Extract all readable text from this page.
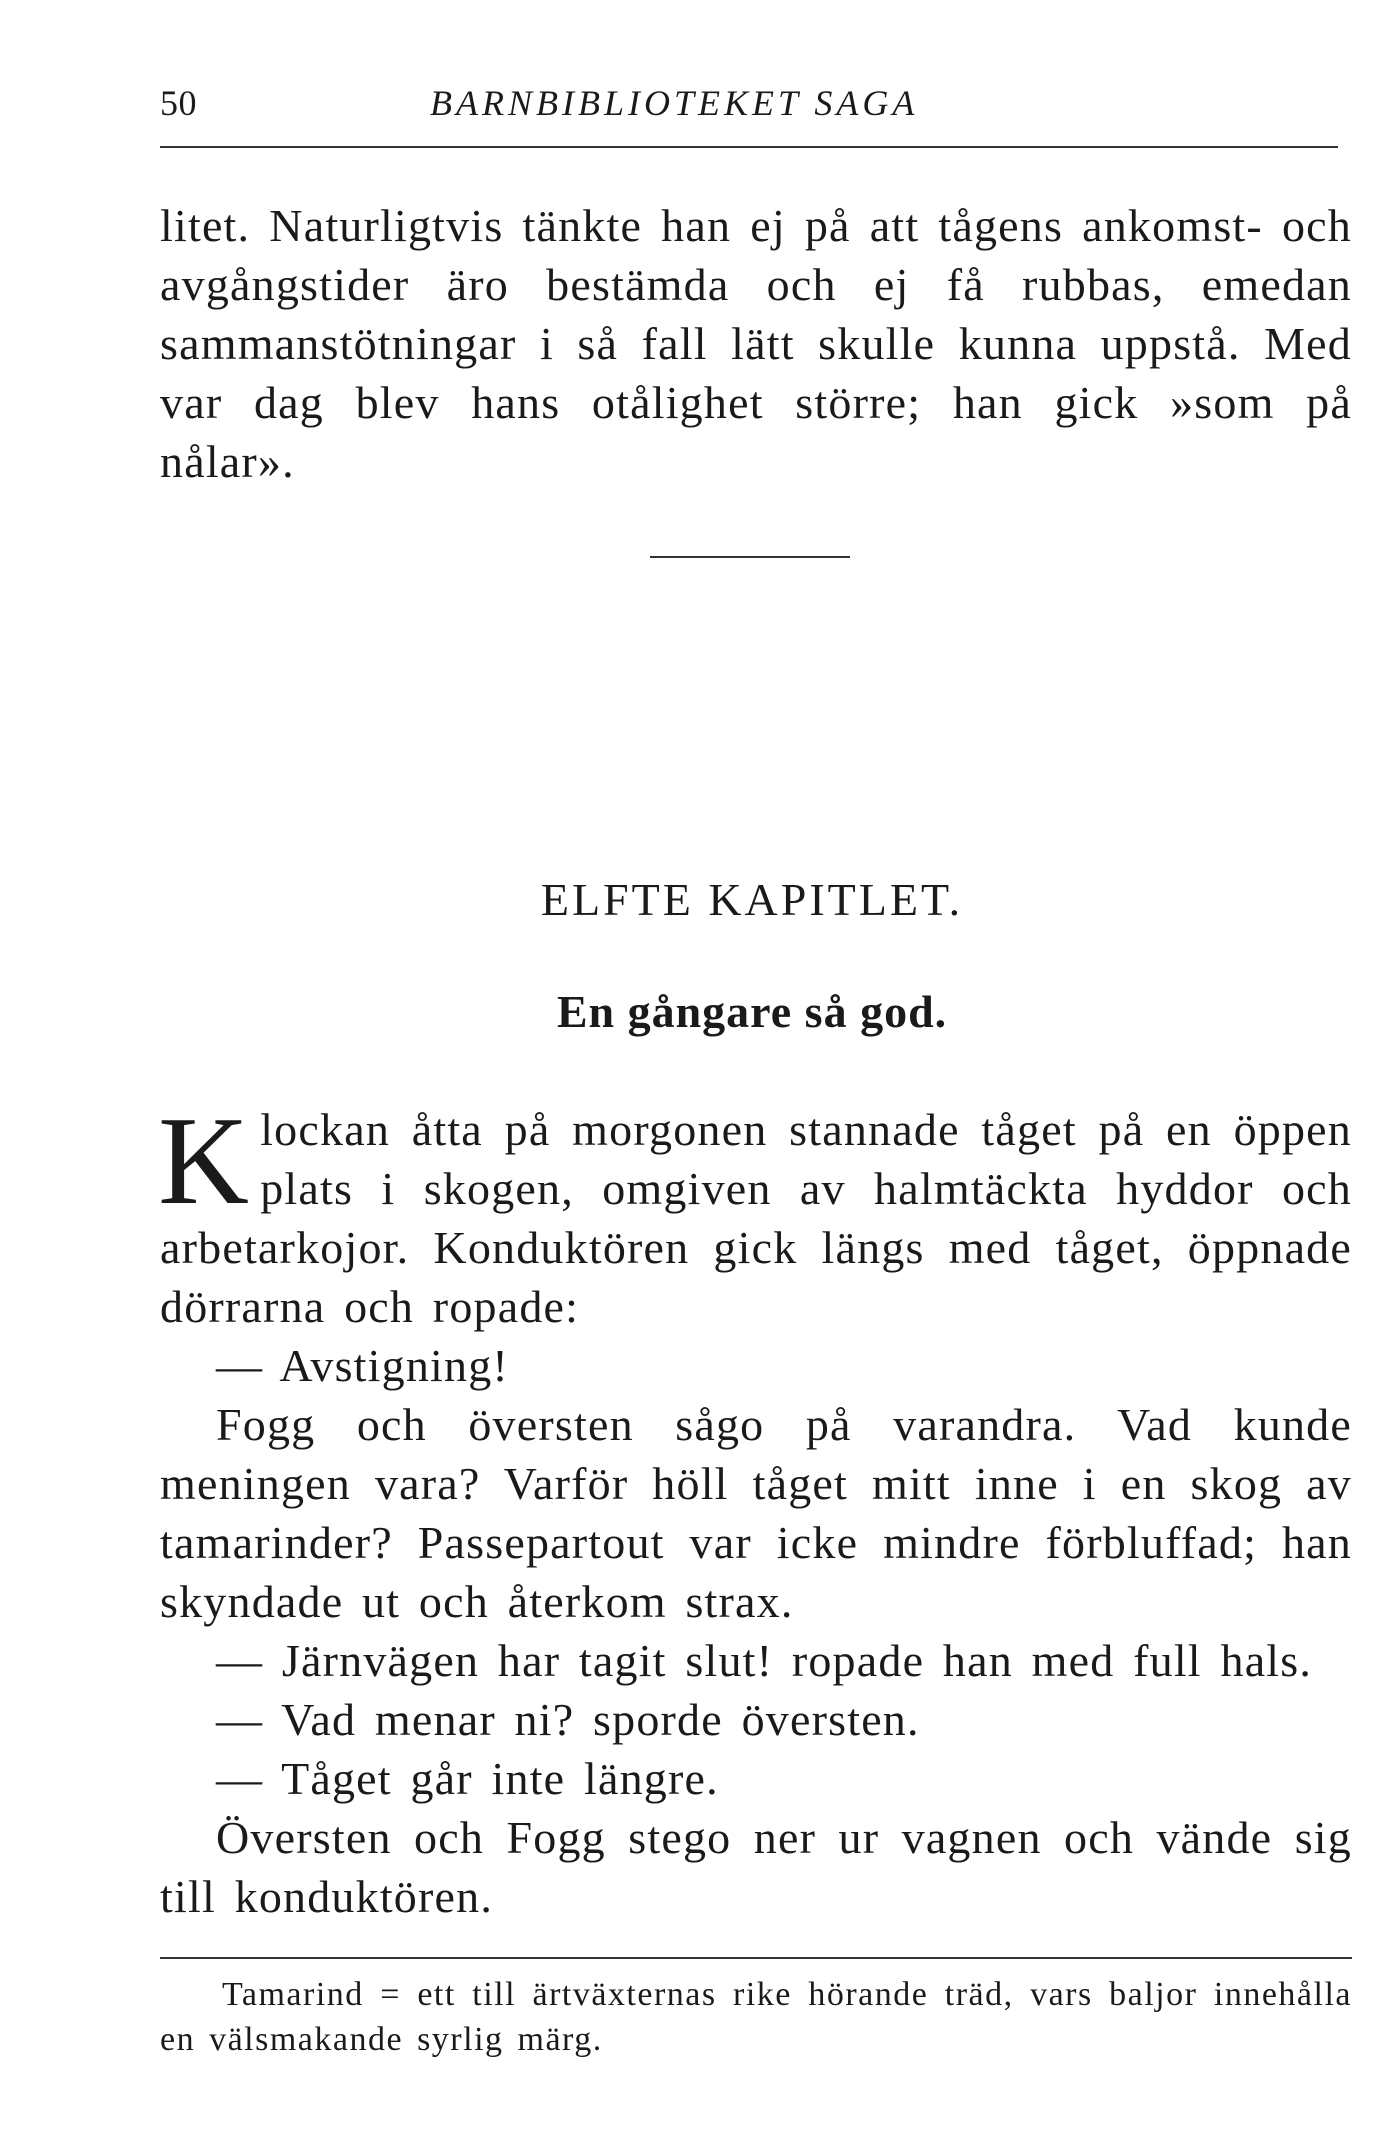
50	BARNBIBLIOTEKET SAGA

litet. Naturligtvis tänkte han ej på att tågens ankomst- och avgångstider äro bestämda och ej få rubbas, emedan sammanstötningar i så fall lätt skulle kunna uppstå. Med var dag blev hans otålighet större; han gick »som på nålar».

ELFTE KAPITLET.
En gångare så god.

Klockan åtta på morgonen stannade tåget på en öppen plats i skogen, omgiven av halmtäckta hyddor och arbetarkojor. Konduktören gick längs med tåget, öppnade dörrarna och ropade:

— Avstigning!

Fogg och översten sågo på varandra. Vad kunde meningen vara? Varför höll tåget mitt inne i en skog av tamarinder? Passepartout var icke mindre förbluffad; han skyndade ut och återkom strax.

— Järnvägen har tagit slut! ropade han med full hals.

— Vad menar ni? sporde översten.

— Tåget går inte längre.

Översten och Fogg stego ner ur vagnen och vände sig till konduktören.

Tamarind = ett till ärtväxternas rike hörande träd, vars baljor innehålla en välsmakande syrlig märg.
